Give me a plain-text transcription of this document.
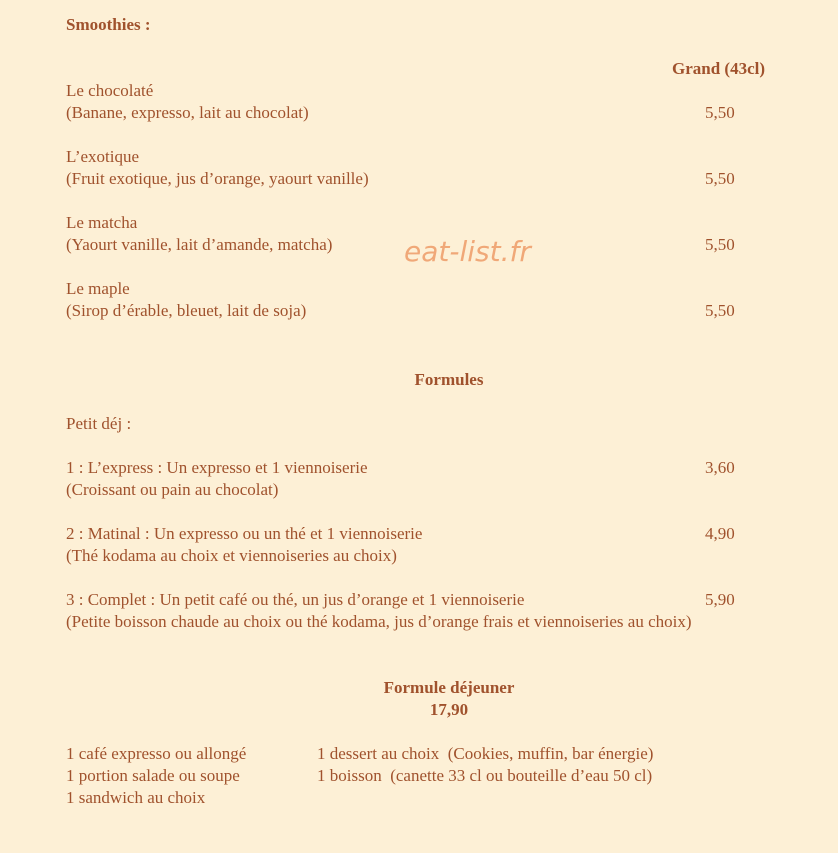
Smoothies :
Grand (43cl)
Le chocolaté
(Banane, expresso, lait au chocolat)	5,50
L’exotique
(Fruit exotique, jus d’orange, yaourt vanille)	5,50
Le matcha
(Yaourt vanille, lait d’amande, matcha)	5,50
Le maple
(Sirop d’érable, bleuet, lait de soja)	5,50
eat-list.fr
Formules
Petit déj :
1 : L’express : Un expresso et 1 viennoiserie	3,60
(Croissant ou pain au chocolat)
2 : Matinal : Un expresso ou un thé et 1 viennoiserie	4,90
(Thé kodama au choix et viennoiseries au choix)
3 : Complet : Un petit café ou thé, un jus d’orange et 1 viennoiserie	5,90
(Petite boisson chaude au choix ou thé kodama, jus d’orange frais et viennoiseries au choix)
Formule déjeuner
17,90
1 café expresso ou allongé
1 portion salade ou soupe
1 sandwich au choix
1 dessert au choix  (Cookies, muffin, bar énergie)
1 boisson  (canette 33 cl ou bouteille d’eau 50 cl)
